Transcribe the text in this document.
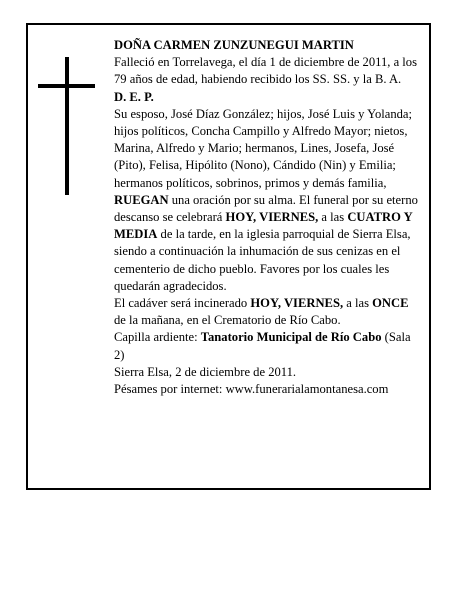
DOÑA CARMEN ZUNZUNEGUI MARTIN

Falleció en Torrelavega, el día 1 de diciembre de 2011, a los 79 años de edad, habiendo recibido los SS. SS. y la B. A.

D. E. P.

Su esposo, José Díaz González; hijos, José Luis y Yolanda; hijos políticos, Concha Campillo y Alfredo Mayor; nietos, Marina, Alfredo y Mario; hermanos, Lines, Josefa, José (Pito), Felisa, Hipólito (Nono), Cándido (Nin) y Emilia; hermanos políticos, sobrinos, primos y demás familia,

RUEGAN una oración por su alma. El funeral por su eterno descanso se celebrará HOY, VIERNES, a las CUATRO Y MEDIA de la tarde, en la iglesia parroquial de Sierra Elsa, siendo a continuación la inhumación de sus cenizas en el cementerio de dicho pueblo. Favores por los cuales les quedarán agradecidos.

El cadáver será incinerado HOY, VIERNES, a las ONCE de la mañana, en el Crematorio de Río Cabo.

Capilla ardiente: Tanatorio Municipal de Río Cabo (Sala 2)

Sierra Elsa, 2 de diciembre de 2011.

Pésames por internet: www.funerarialamontanesa.com
